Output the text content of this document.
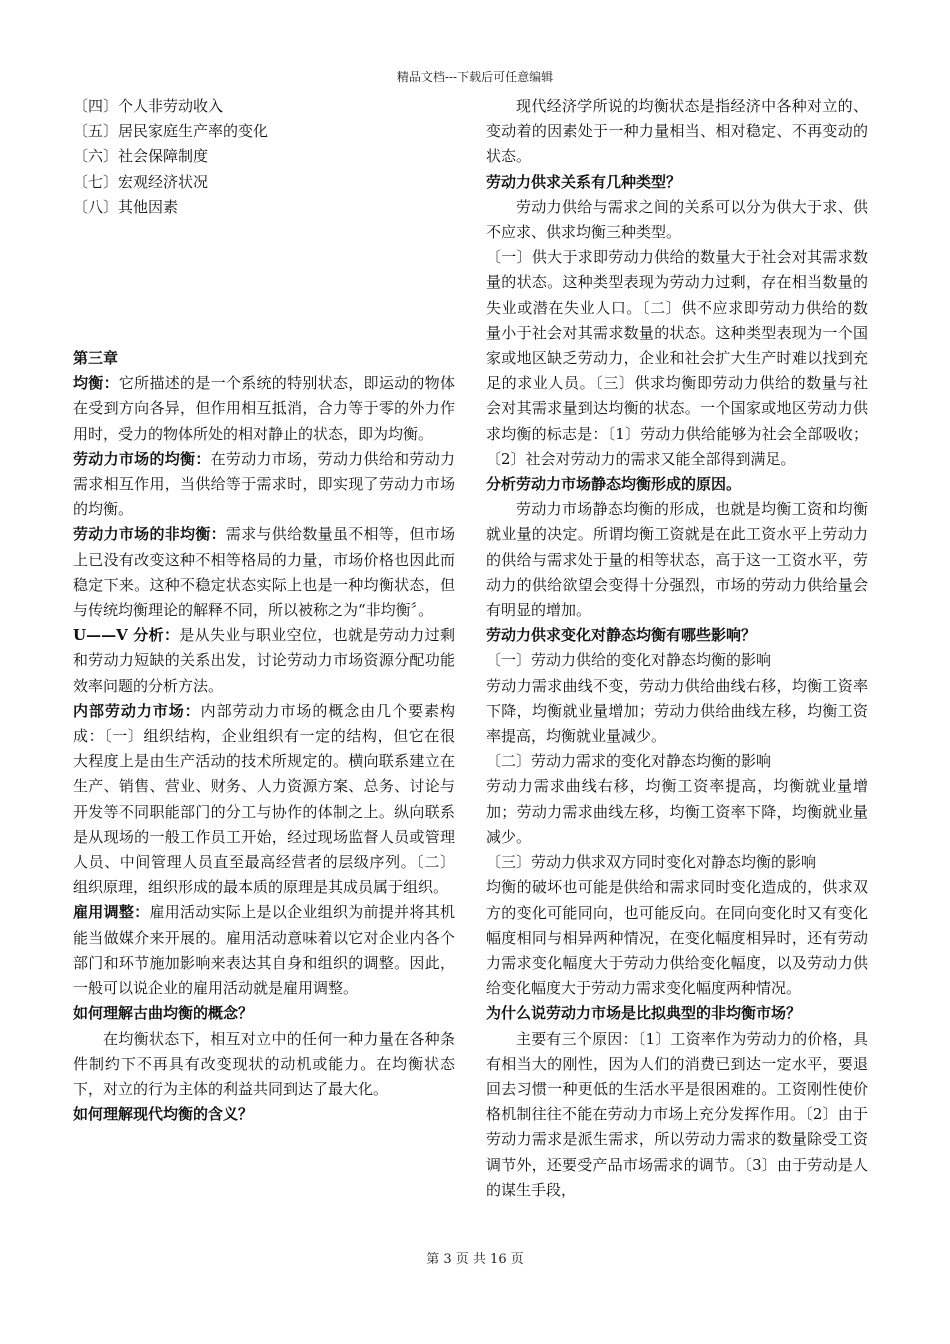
精品文档---下载后可任意编辑

〔四〕个人非劳动收入

〔五〕居民家庭生产率的变化

〔六〕社会保障制度

〔七〕宏观经济状况

〔八〕其他因素

第三章

均衡：它所描述的是一个系统的特别状态，即运动的物体在受到方向各异，但作用相互抵消，合力等于零的外力作用时，受力的物体所处的相对静止的状态，即为均衡。

劳动力市场的均衡：在劳动力市场，劳动力供给和劳动力需求相互作用，当供给等于需求时，即实现了劳动力市场的均衡。

劳动力市场的非均衡：需求与供给数量虽不相等，但市场上已没有改变这种不相等格局的力量，市场价格也因此而稳定下来。这种不稳定状态实际上也是一种均衡状态，但与传统均衡理论的解释不同，所以被称之为“非均衡〞。

U——V 分析：是从失业与职业空位，也就是劳动力过剩和劳动力短缺的关系出发，讨论劳动力市场资源分配功能效率问题的分析方法。

内部劳动力市场：内部劳动力市场的概念由几个要素构成：〔一〕组织结构，企业组织有一定的结构，但它在很大程度上是由生产活动的技术所规定的。横向联系建立在生产、销售、营业、财务、人力资源方案、总务、讨论与开发等不同职能部门的分工与协作的体制之上。纵向联系是从现场的一般工作员工开始，经过现场监督人员或管理人员、中间管理人员直至最高经营者的层级序列。〔二〕组织原理，组织形成的最本质的原理是其成员属于组织。

雇用调整：雇用活动实际上是以企业组织为前提并将其机能当做媒介来开展的。雇用活动意味着以它对企业内各个部门和环节施加影响来表达其自身和组织的调整。因此，一般可以说企业的雇用活动就是雇用调整。

如何理解古曲均衡的概念？

在均衡状态下，相互对立中的任何一种力量在各种条件制约下不再具有改变现状的动机或能力。在均衡状态下，对立的行为主体的利益共同到达了最大化。

如何理解现代均衡的含义？

现代经济学所说的均衡状态是指经济中各种对立的、变动着的因素处于一种力量相当、相对稳定、不再变动的状态。

劳动力供求关系有几种类型？

劳动力供给与需求之间的关系可以分为供大于求、供不应求、供求均衡三种类型。

〔一〕供大于求即劳动力供给的数量大于社会对其需求数量的状态。这种类型表现为劳动力过剩，存在相当数量的失业或潜在失业人口。〔二〕供不应求即劳动力供给的数量小于社会对其需求数量的状态。这种类型表现为一个国家或地区缺乏劳动力，企业和社会扩大生产时难以找到充足的求业人员。〔三〕供求均衡即劳动力供给的数量与社会对其需求量到达均衡的状态。一个国家或地区劳动力供求均衡的标志是：〔1〕劳动力供给能够为社会全部吸收；〔2〕社会对劳动力的需求又能全部得到满足。

分析劳动力市场静态均衡形成的原因。

劳动力市场静态均衡的形成，也就是均衡工资和均衡就业量的决定。所谓均衡工资就是在此工资水平上劳动力的供给与需求处于量的相等状态，高于这一工资水平，劳动力的供给欲望会变得十分强烈，市场的劳动力供给量会有明显的增加。

劳动力供求变化对静态均衡有哪些影响？

〔一〕劳动力供给的变化对静态均衡的影响

劳动力需求曲线不变，劳动力供给曲线右移，均衡工资率下降，均衡就业量增加；劳动力供给曲线左移，均衡工资率提高，均衡就业量减少。

〔二〕劳动力需求的变化对静态均衡的影响

劳动力需求曲线右移，均衡工资率提高，均衡就业量增加；劳动力需求曲线左移，均衡工资率下降，均衡就业量减少。

〔三〕劳动力供求双方同时变化对静态均衡的影响

均衡的破坏也可能是供给和需求同时变化造成的，供求双方的变化可能同向，也可能反向。在同向变化时又有变化幅度相同与相异两种情况，在变化幅度相异时，还有劳动力需求变化幅度大于劳动力供给变化幅度，以及劳动力供给变化幅度大于劳动力需求变化幅度两种情况。

为什么说劳动力市场是比拟典型的非均衡市场？

主要有三个原因：〔1〕工资率作为劳动力的价格，具有相当大的刚性，因为人们的消费已到达一定水平，要退回去习惯一种更低的生活水平是很困难的。工资刚性使价格机制往往不能在劳动力市场上充分发挥作用。〔2〕由于劳动力需求是派生需求，所以劳动力需求的数量除受工资调节外，还要受产品市场需求的调节。〔3〕由于劳动是人的谋生手段，

第 3 页 共 16 页
